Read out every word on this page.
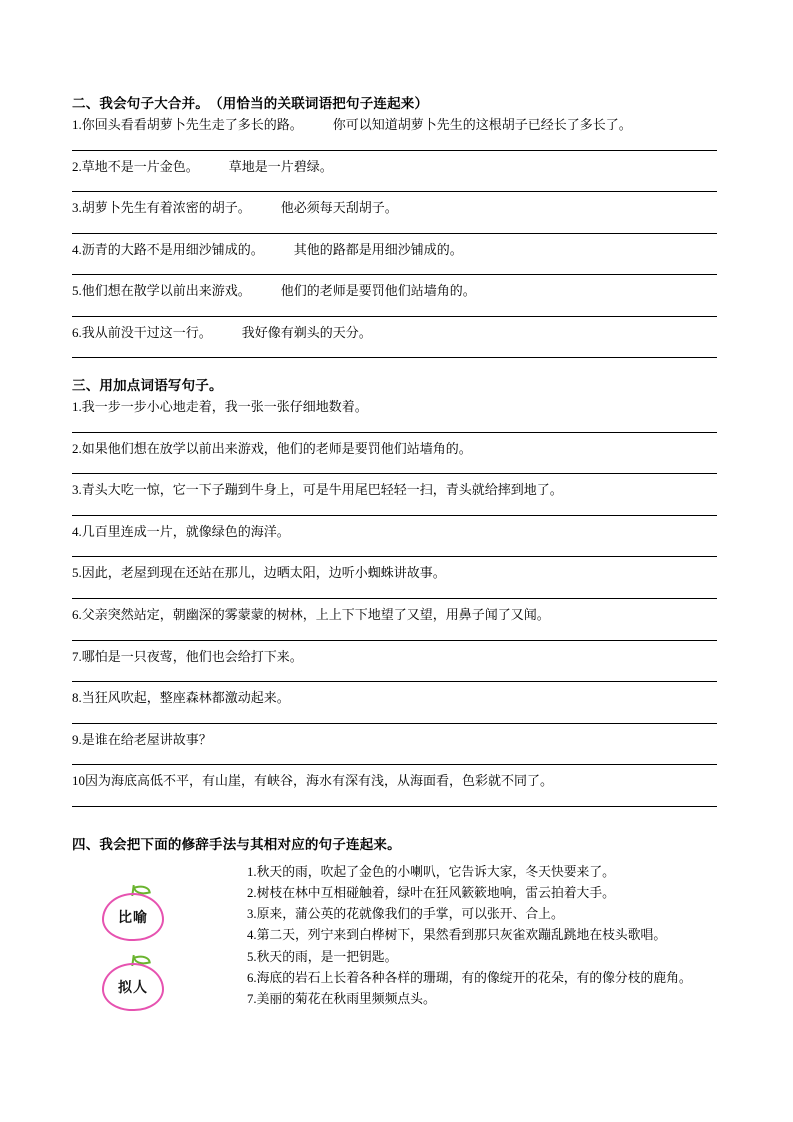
二、我会句子大合并。 （用恰当的关联词语把句子连起来）
1.你回头看看胡萝卜先生走了多长的路。 你可以知道胡萝卜先生的这根胡子已经长了多长了。
2.草地不是一片金色。 草地是一片碧绿。
3.胡萝卜先生有着浓密的胡子。 他必须每天刮胡子。
4.沥青的大路不是用细沙铺成的。 其他的路都是用细沙铺成的。
5.他们想在散学以前出来游戏。 他们的老师是要罚他们站墙角的。
6.我从前没干过这一行。 我好像有剃头的天分。
三、用加点词语写句子。
1.我一步一步小心地走着，我一张一张仔细地数着。
2.如果他们想在放学以前出来游戏，他们的老师是要罚他们站墙角的。
3.青头大吃一惊，它一下子蹦到牛身上，可是牛用尾巴轻轻一扫，青头就给摔到地了。
4.几百里连成一片，就像绿色的海洋。
5.因此，老屋到现在还站在那儿，边晒太阳，边听小蜘蛛讲故事。
6.父亲突然站定，朝幽深的雾蒙蒙的树林，上上下下地望了又望，用鼻子闻了又闻。
7.哪怕是一只夜莺，他们也会给打下来。
8.当狂风吹起，整座森林都激动起来。
9.是谁在给老屋讲故事？
10因为海底高低不平，有山崖，有峡谷，海水有深有浅，从海面看，色彩就不同了。
四、我会把下面的修辞手法与其相对应的句子连起来。
比喻
拟人
1.秋天的雨，吹起了金色的小喇叭，它告诉大家，冬天快要来了。
2.树枝在林中互相碰触着，绿叶在狂风簌簌地响，雷云拍着大手。
3.原来，蒲公英的花就像我们的手掌，可以张开、合上。
4.第二天，列宁来到白桦树下，果然看到那只灰雀欢蹦乱跳地在枝头歌唱。
5.秋天的雨，是一把钥匙。
6.海底的岩石上长着各种各样的珊瑚，有的像绽开的花朵，有的像分枝的鹿角。
7.美丽的菊花在秋雨里频频点头。
